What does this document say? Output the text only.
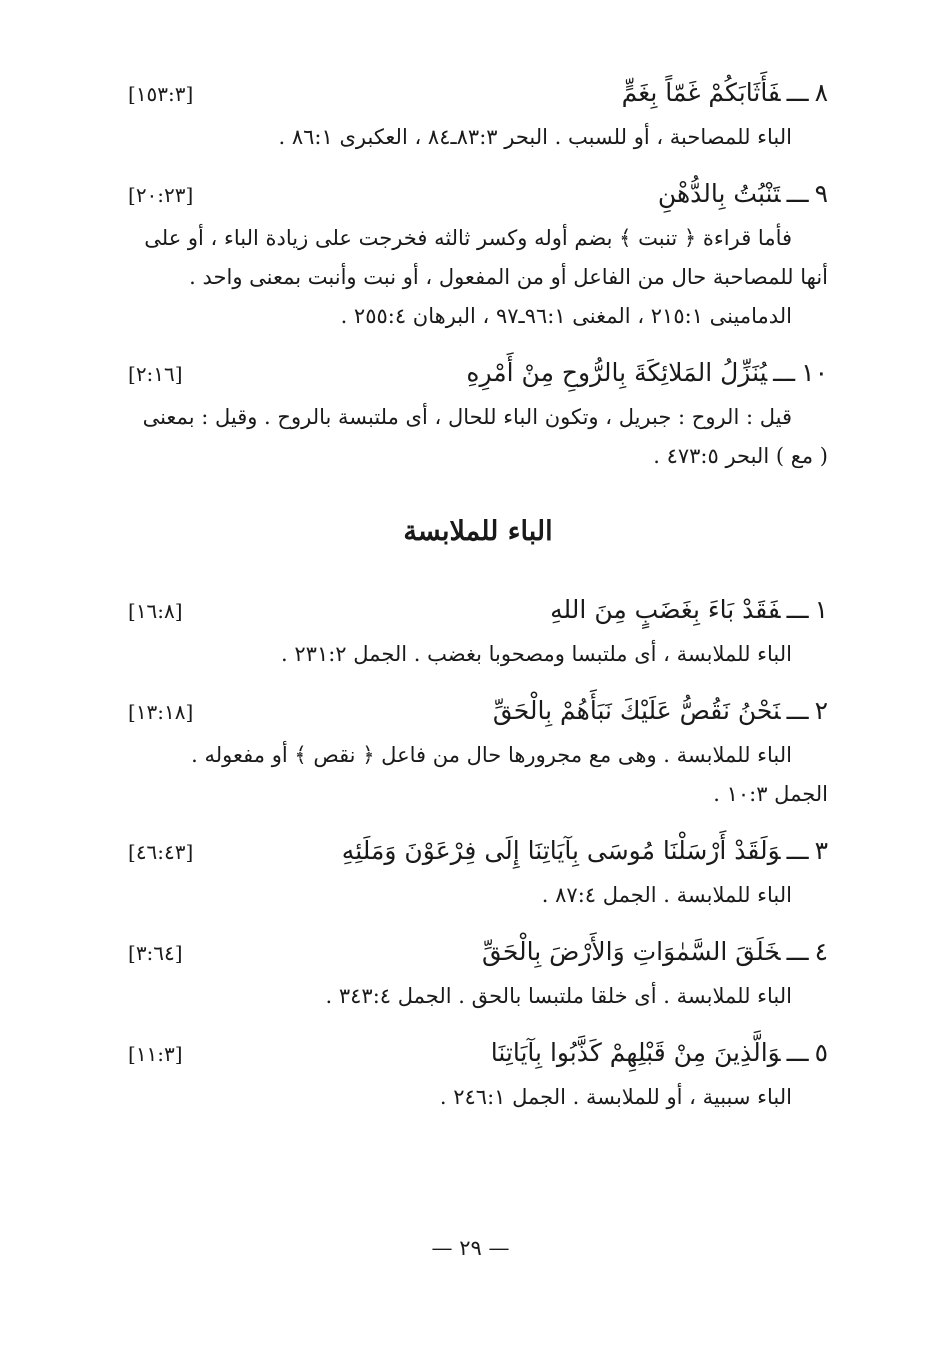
٨ـــفَأَثَابَكُمْ غَمّاً بِغَمٍّ
[١٥٣:٣]
الباء للمصاحبة ، أو للسبب . البحر ٨٣:٣ـ٨٤ ، العكبرى ٨٦:١ .
٩ـــتَنْبُتُ بِالدُّهْنِ
[٢٠:٢٣]
فأما قراءة ﴿ تنبت ﴾ بضم أوله وكسر ثالثه فخرجت على زيادة الباء ، أو على
أنها للمصاحبة حال من الفاعل أو من المفعول ، أو نبت وأنبت بمعنى واحد .
الدمامينى ٢١٥:١ ، المغنى ٩٦:١ـ٩٧ ، البرهان ٢٥٥:٤ .
١٠ـــيُنَزِّلُ المَلائِكَةَ بِالرُّوحِ مِنْ أَمْرِهِ
[٢:١٦]
قيل : الروح : جبريل ، وتكون الباء للحال ، أى ملتبسة بالروح . وقيل : بمعنى
( مع ) البحر ٤٧٣:٥ .
الباء للملابسة
١ـــفَقَدْ بَاءَ بِغَضَبٍ مِنَ اللهِ
[١٦:٨]
الباء للملابسة ، أى ملتبسا ومصحوبا بغضب . الجمل ٢٣١:٢ .
٢ـــنَحْنُ نَقُصُّ عَلَيْكَ نَبَأَهُمْ بِالْحَقِّ
[١٣:١٨]
الباء للملابسة . وهى مع مجرورها حال من فاعل ﴿ نقص ﴾ أو مفعوله .
الجمل ١٠:٣ .
٣ـــوَلَقَدْ أَرْسَلْنَا مُوسَى بِآيَاتِنَا إِلَى فِرْعَوْنَ وَمَلَئِهِ
[٤٦:٤٣]
الباء للملابسة . الجمل ٨٧:٤ .
٤ـــخَلَقَ السَّمٰوَاتِ وَالأَرْضَ بِالْحَقِّ
[٣:٦٤]
الباء للملابسة . أى خلقا ملتبسا بالحق . الجمل ٣٤٣:٤ .
٥ـــوَالَّذِينَ مِنْ قَبْلِهِمْ كَذَّبُوا بِآيَاتِنَا
[١١:٣]
الباء سببية ، أو للملابسة . الجمل ٢٤٦:١ .
— ٢٩ —
